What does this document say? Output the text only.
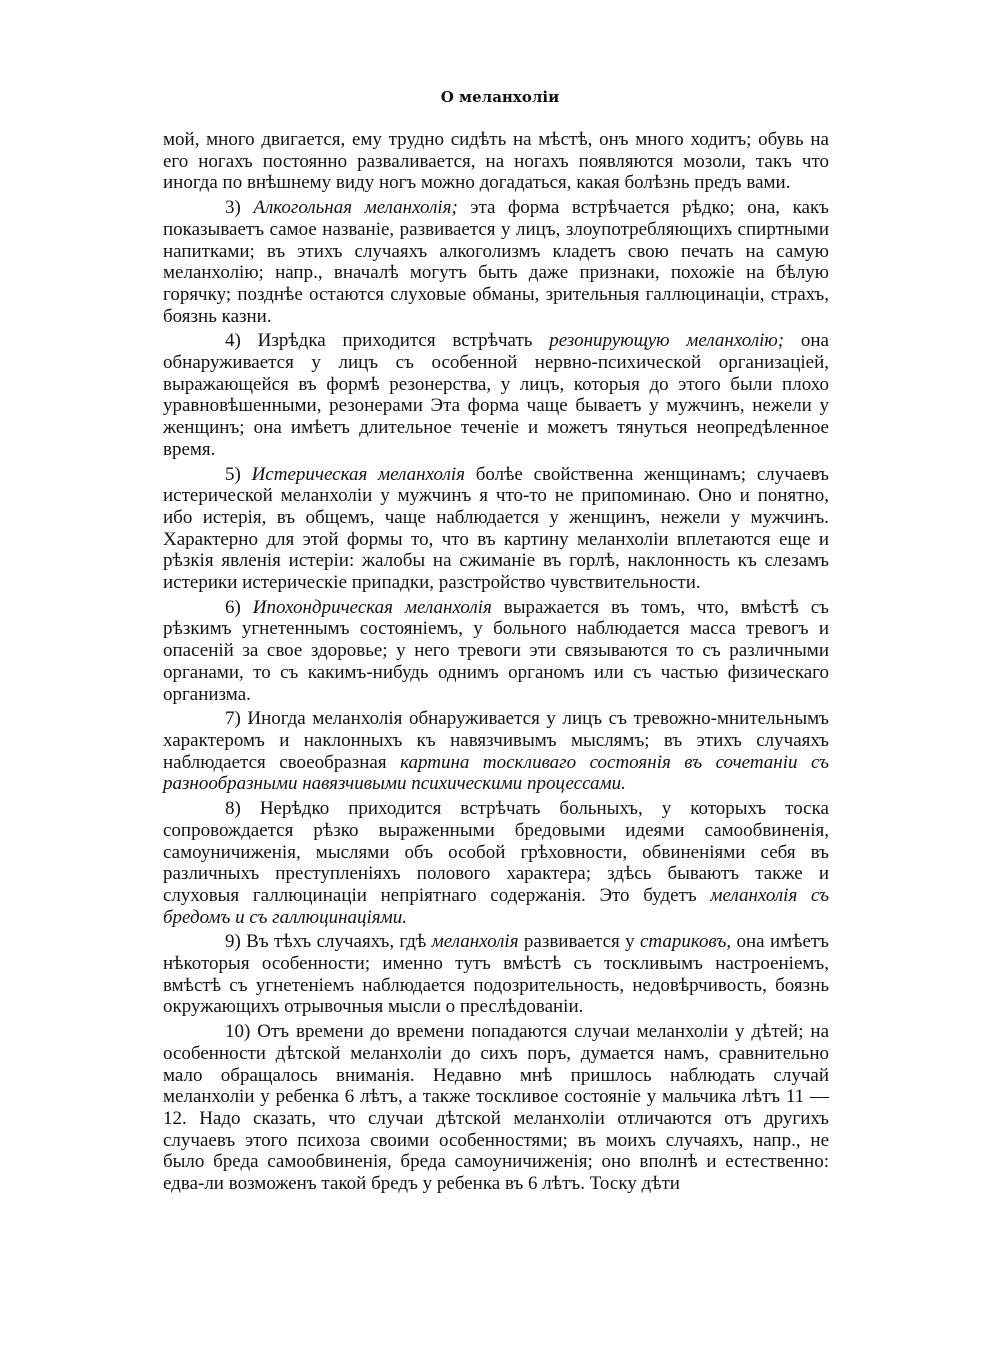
О меланхоліи

мой, много двигается, ему трудно сидѣть на мѣстѣ, онъ много ходитъ; обувь на его ногахъ постоянно разваливается, на ногахъ появляются мозоли, такъ что иногда по внѣшнему виду ногъ можно догадаться, какая болѣзнь предъ вами.

3) Алкогольная меланхолія; эта форма встрѣчается рѣдко; она, какъ показываетъ самое названіе, развивается у лицъ, злоупотребляющихъ спиртными напитками; въ этихъ случаяхъ алкоголизмъ кладетъ свою печать на самую меланхолію; напр., вначалѣ могутъ быть даже признаки, похожіе на бѣлую горячку; позднѣе остаются слуховые обманы, зрительныя галлюцинаціи, страхъ, боязнь казни.

4) Изрѣдка приходится встрѣчать резонирующую меланхолію; она обнаруживается у лицъ съ особенной нервно-психической организаціей, выражающейся въ формѣ резонерства, у лицъ, которыя до этого были плохо уравновѣшенными, резонерами Эта форма чаще бываетъ у мужчинъ, нежели у женщинъ; она имѣетъ длительное теченіе и можетъ тянуться неопредѣленное время.

5) Истерическая меланхолія болѣе свойственна женщинамъ; случаевъ истерической меланхоліи у мужчинъ я что-то не припоминаю. Оно и понятно, ибо истерія, въ общемъ, чаще наблюдается у женщинъ, нежели у мужчинъ. Характерно для этой формы то, что въ картину меланхоліи вплетаются еще и рѣзкія явленія истеріи: жалобы на сжиманіе въ горлѣ, наклонность къ слезамъ истерики истерическіе припадки, разстройство чувствительности.

6) Ипохондрическая меланхолія выражается въ томъ, что, вмѣстѣ съ рѣзкимъ угнетеннымъ состояніемъ, у больного наблюдается масса тревогъ и опасеній за свое здоровье; у него тревоги эти связываются то съ различными органами, то съ какимъ-нибудь однимъ органомъ или съ частью физическаго организма.

7) Иногда меланхолія обнаруживается у лицъ съ тревожно-мнительнымъ характеромъ и наклонныхъ къ навязчивымъ мыслямъ; въ этихъ случаяхъ наблюдается своеобразная картина тоскливаго состоянія въ сочетаніи съ разнообразными навязчивыми психическими процессами.

8) Нерѣдко приходится встрѣчать больныхъ, у которыхъ тоска сопровождается рѣзко выраженными бредовыми идеями самообвиненія, самоуничиженія, мыслями объ особой грѣховности, обвиненіями себя въ различныхъ преступленіяхъ полового характера; здѣсь бываютъ также и слуховыя галлюцинаціи непріятнаго содержанія. Это будетъ меланхолія съ бредомъ и съ галлюцинаціями.

9) Въ тѣхъ случаяхъ, гдѣ меланхолія развивается у стариковъ, она имѣетъ нѣкоторыя особенности; именно тутъ вмѣстѣ съ тоскливымъ настроеніемъ, вмѣстѣ съ угнетеніемъ наблюдается подозрительность, недовѣрчивость, боязнь окружающихъ отрывочныя мысли о преслѣдованіи.

10) Отъ времени до времени попадаются случаи меланхоліи у дѣтей; на особенности дѣтской меланхоліи до сихъ поръ, думается намъ, сравнительно мало обращалось вниманія. Недавно мнѣ пришлось наблюдать случай меланхоліи у ребенка 6 лѣтъ, а также тоскливое состояніе у мальчика лѣтъ 11 — 12. Надо сказать, что случаи дѣтской меланхоліи отличаются отъ другихъ случаевъ этого психоза своими особенностями; въ моихъ случаяхъ, напр., не было бреда самообвиненія, бреда самоуничиженія; оно вполнѣ и естественно: едва-ли возможенъ такой бредъ у ребенка въ 6 лѣтъ. Тоску дѣти
